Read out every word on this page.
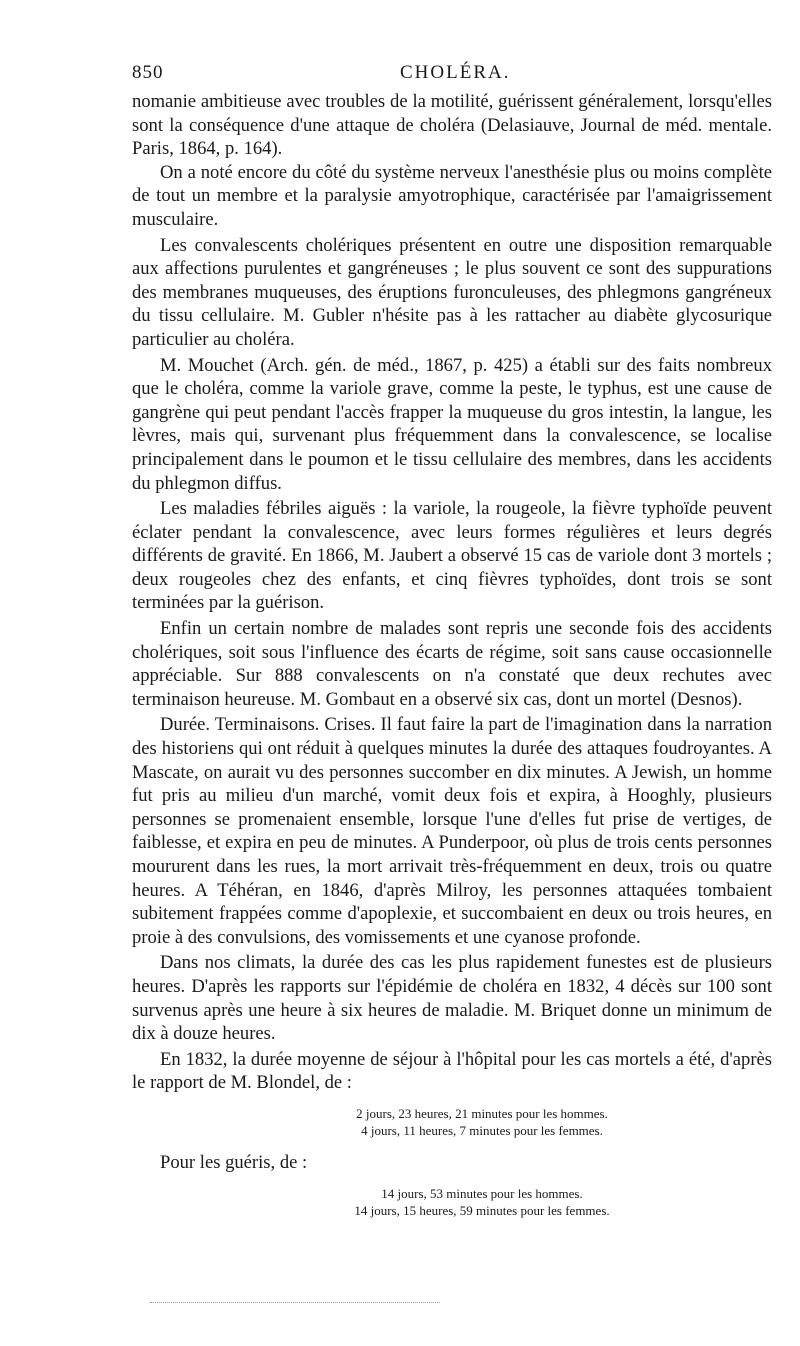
850	CHOLÉRA.

nomanie ambitieuse avec troubles de la motilité, guérissent généralement, lorsqu'elles sont la conséquence d'une attaque de choléra (Delasiauve, Journal de méd. mentale. Paris, 1864, p. 164).

On a noté encore du côté du système nerveux l'anesthésie plus ou moins complète de tout un membre et la paralysie amyotrophique, caractérisée par l'amaigrissement musculaire.

Les convalescents cholériques présentent en outre une disposition remarquable aux affections purulentes et gangréneuses ; le plus souvent ce sont des suppurations des membranes muqueuses, des éruptions furonculeuses, des phlegmons gangréneux du tissu cellulaire. M. Gubler n'hésite pas à les rattacher au diabète glycosurique particulier au choléra.

M. Mouchet (Arch. gén. de méd., 1867, p. 425) a établi sur des faits nombreux que le choléra, comme la variole grave, comme la peste, le typhus, est une cause de gangrène qui peut pendant l'accès frapper la muqueuse du gros intestin, la langue, les lèvres, mais qui, survenant plus fréquemment dans la convalescence, se localise principalement dans le poumon et le tissu cellulaire des membres, dans les accidents du phlegmon diffus.

Les maladies fébriles aiguës : la variole, la rougeole, la fièvre typhoïde peuvent éclater pendant la convalescence, avec leurs formes régulières et leurs degrés différents de gravité. En 1866, M. Jaubert a observé 15 cas de variole dont 3 mortels ; deux rougeoles chez des enfants, et cinq fièvres typhoïdes, dont trois se sont terminées par la guérison.

Enfin un certain nombre de malades sont repris une seconde fois des accidents cholériques, soit sous l'influence des écarts de régime, soit sans cause occasionnelle appréciable. Sur 888 convalescents on n'a constaté que deux rechutes avec terminaison heureuse. M. Gombaut en a observé six cas, dont un mortel (Desnos).

Durée. Terminaisons. Crises. Il faut faire la part de l'imagination dans la narration des historiens qui ont réduit à quelques minutes la durée des attaques foudroyantes. A Mascate, on aurait vu des personnes succomber en dix minutes. A Jewish, un homme fut pris au milieu d'un marché, vomit deux fois et expira, à Hooghly, plusieurs personnes se promenaient ensemble, lorsque l'une d'elles fut prise de vertiges, de faiblesse, et expira en peu de minutes. A Punderpoor, où plus de trois cents personnes moururent dans les rues, la mort arrivait très-fréquemment en deux, trois ou quatre heures. A Téhéran, en 1846, d'après Milroy, les personnes attaquées tombaient subitement frappées comme d'apoplexie, et succombaient en deux ou trois heures, en proie à des convulsions, des vomissements et une cyanose profonde.

Dans nos climats, la durée des cas les plus rapidement funestes est de plusieurs heures. D'après les rapports sur l'épidémie de choléra en 1832, 4 décès sur 100 sont survenus après une heure à six heures de maladie. M. Briquet donne un minimum de dix à douze heures.

En 1832, la durée moyenne de séjour à l'hôpital pour les cas mortels a été, d'après le rapport de M. Blondel, de :

2 jours, 23 heures, 21 minutes pour les hommes.
4 jours, 11 heures, 7 minutes pour les femmes.
Pour les guéris, de :
14 jours, 53 minutes pour les hommes.
14 jours, 15 heures, 59 minutes pour les femmes.
